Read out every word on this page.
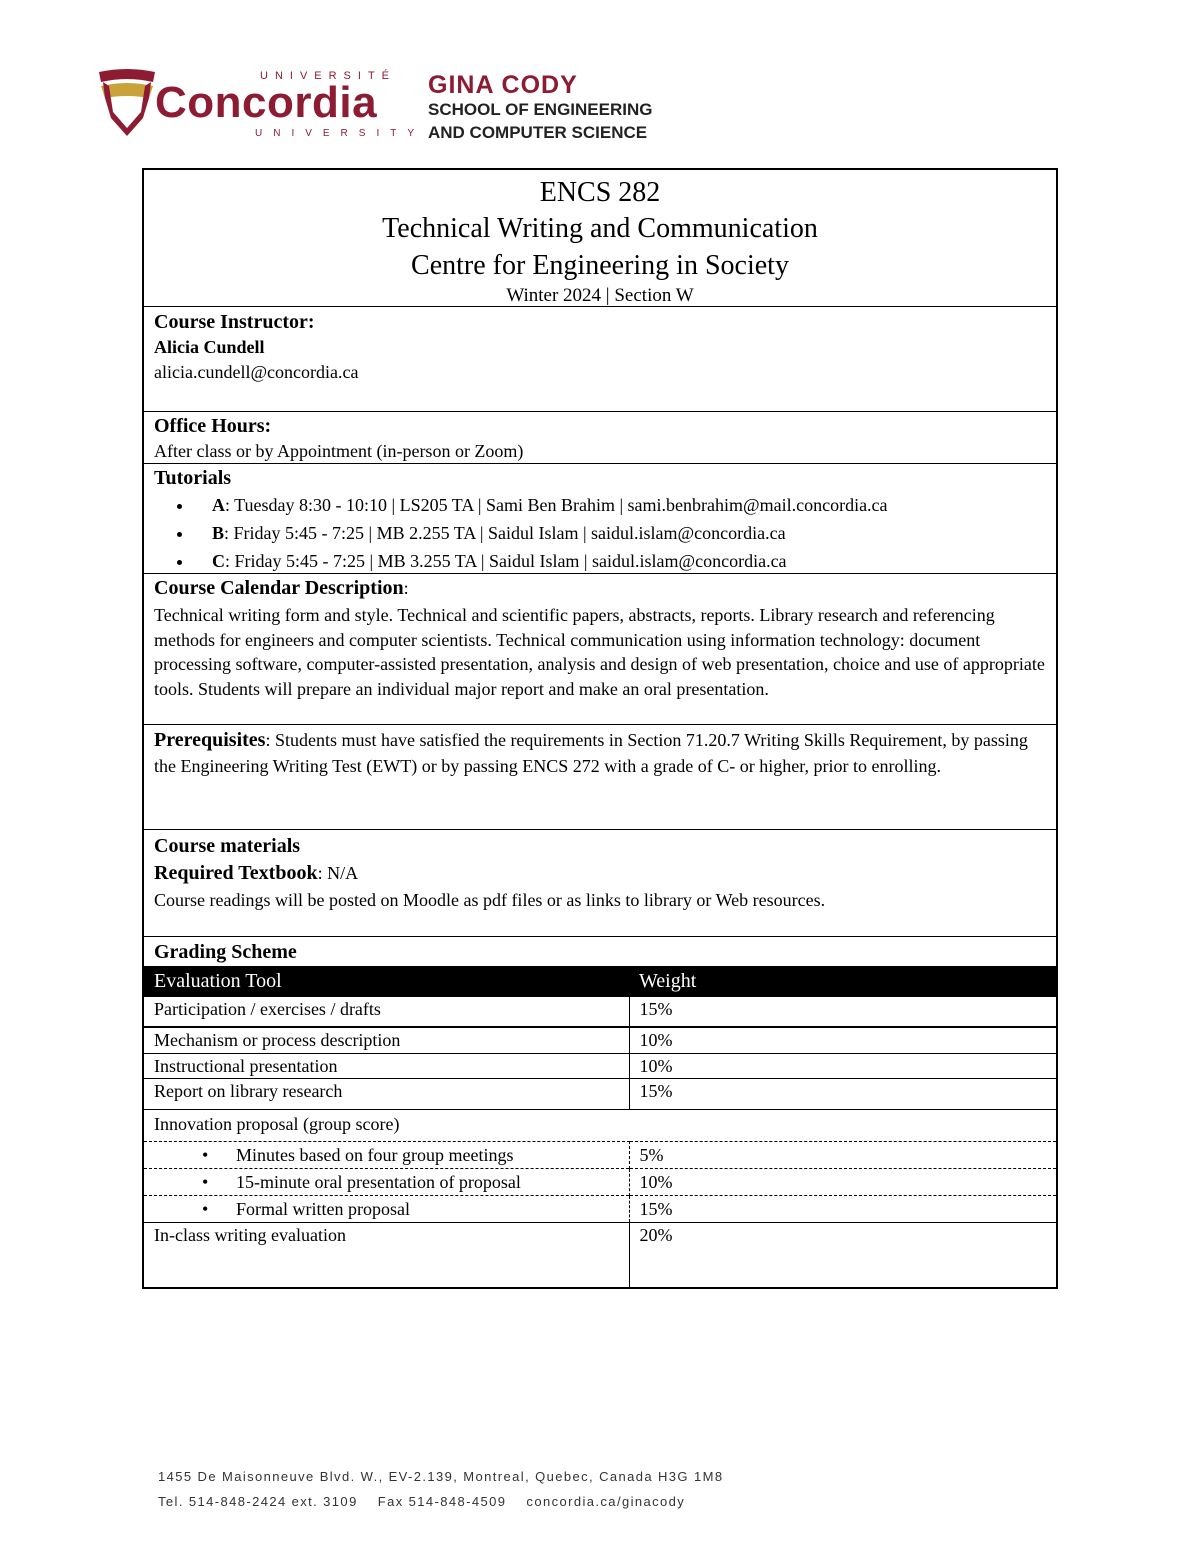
UNIVERSITÉ
Concordia
UNIVERSITY
GINA CODY
SCHOOL OF ENGINEERING
AND COMPUTER SCIENCE
ENCS 282
Technical Writing and Communication
Centre for Engineering in Society
Winter 2024 | Section W
Course Instructor:
Alicia Cundell
alicia.cundell@concordia.ca
Office Hours:
After class or by Appointment (in-person or Zoom)
Tutorials
• A: Tuesday 8:30 - 10:10 | LS205 TA | Sami Ben Brahim | sami.benbrahim@mail.concordia.ca
• B: Friday 5:45 - 7:25 | MB 2.255 TA | Saidul Islam | saidul.islam@concordia.ca
• C: Friday 5:45 - 7:25 | MB 3.255 TA | Saidul Islam | saidul.islam@concordia.ca
Course Calendar Description:
Technical writing form and style. Technical and scientific papers, abstracts, reports. Library research and referencing methods for engineers and computer scientists. Technical communication using information technology: document processing software, computer-assisted presentation, analysis and design of web presentation, choice and use of appropriate tools. Students will prepare an individual major report and make an oral presentation.
Prerequisites: Students must have satisfied the requirements in Section 71.20.7 Writing Skills Requirement, by passing the Engineering Writing Test (EWT) or by passing ENCS 272 with a grade of C- or higher, prior to enrolling.
Course materials
Required Textbook: N/A
Course readings will be posted on Moodle as pdf files or as links to library or Web resources.
Grading Scheme
Evaluation Tool	Weight
Participation / exercises / drafts	15%
Mechanism or process description	10%
Instructional presentation	10%
Report on library research	15%
Innovation proposal (group score)	
• Minutes based on four group meetings	5%
• 15-minute oral presentation of proposal	10%
• Formal written proposal	15%
In-class writing evaluation	20%
1455 De Maisonneuve Blvd. W., EV-2.139, Montreal, Quebec, Canada H3G 1M8
Tel. 514-848-2424 ext. 3109    Fax 514-848-4509    concordia.ca/ginacody
